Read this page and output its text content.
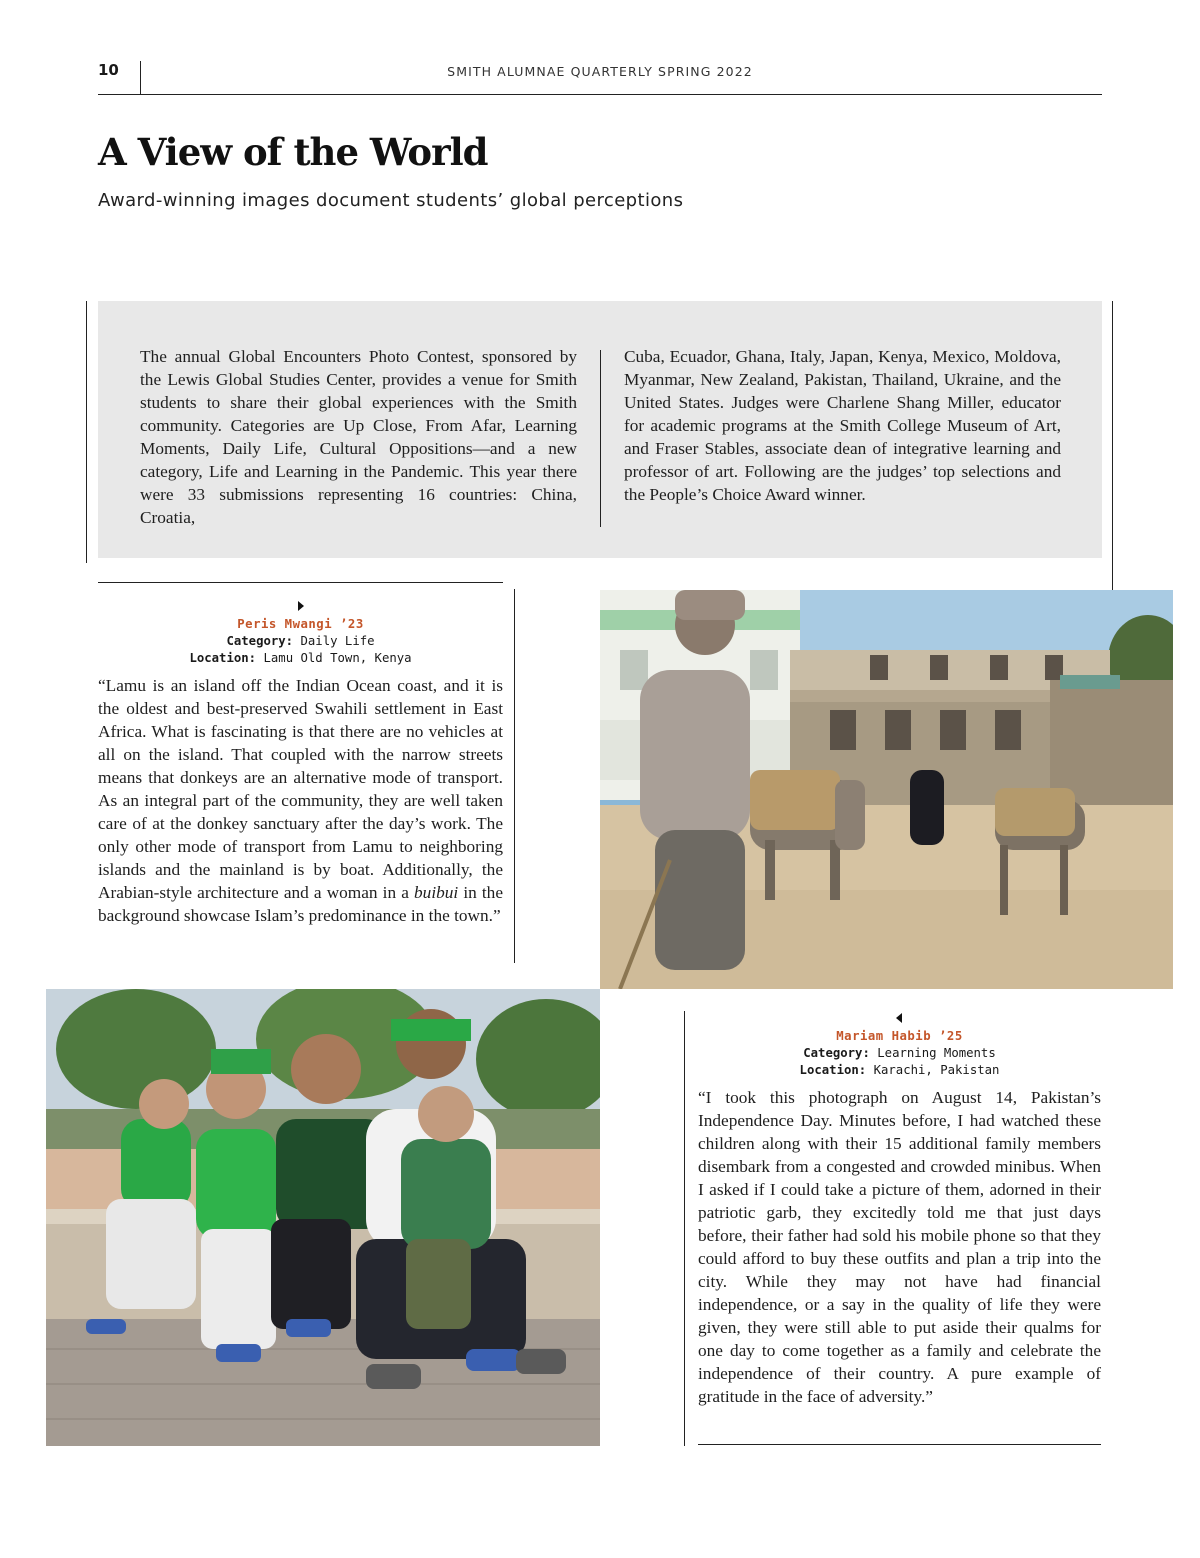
10	SMITH ALUMNAE QUARTERLY SPRING 2022
A View of the World
Award-winning images document students’ global perceptions

The annual Global Encounters Photo Contest, sponsored by the Lewis Global Studies Center, provides a venue for Smith students to share their global experiences with the Smith community. Categories are Up Close, From Afar, Learning Moments, Daily Life, Cultural Oppositions—and a new category, Life and Learning in the Pandemic. This year there were 33 submissions representing 16 countries: China, Croatia,

Cuba, Ecuador, Ghana, Italy, Japan, Kenya, Mexico, Moldova, Myanmar, New Zealand, Pakistan, Thailand, Ukraine, and the United States. Judges were Charlene Shang Miller, educator for academic programs at the Smith College Museum of Art, and Fraser Stables, associate dean of integrative learning and professor of art. Following are the judges’ top selections and the People’s Choice Award winner.

Peris Mwangi ’23
Category: Daily Life
Location: Lamu Old Town, Kenya

“Lamu is an island off the Indian Ocean coast, and it is the oldest and best-preserved Swahili settlement in East Africa. What is fascinating is that there are no vehicles at all on the island. That coupled with the narrow streets means that donkeys are an alternative mode of transport. As an integral part of the community, they are well taken care of at the donkey sanctuary after the day’s work. The only other mode of transport from Lamu to neighboring islands and the mainland is by boat. Additionally, the Arabian-style architecture and a woman in a buibui in the background showcase Islam’s predominance in the town.”

Mariam Habib ’25
Category: Learning Moments
Location: Karachi, Pakistan

“I took this photograph on August 14, Pakistan’s Independence Day. Minutes before, I had watched these children along with their 15 additional family members disembark from a congested and crowded minibus. When I asked if I could take a picture of them, adorned in their patriotic garb, they excitedly told me that just days before, their father had sold his mobile phone so that they could afford to buy these outfits and plan a trip into the city. While they may not have had financial independence, or a say in the quality of life they were given, they were still able to put aside their qualms for one day to come together as a family and celebrate the independence of their country. A pure example of gratitude in the face of adversity.”
